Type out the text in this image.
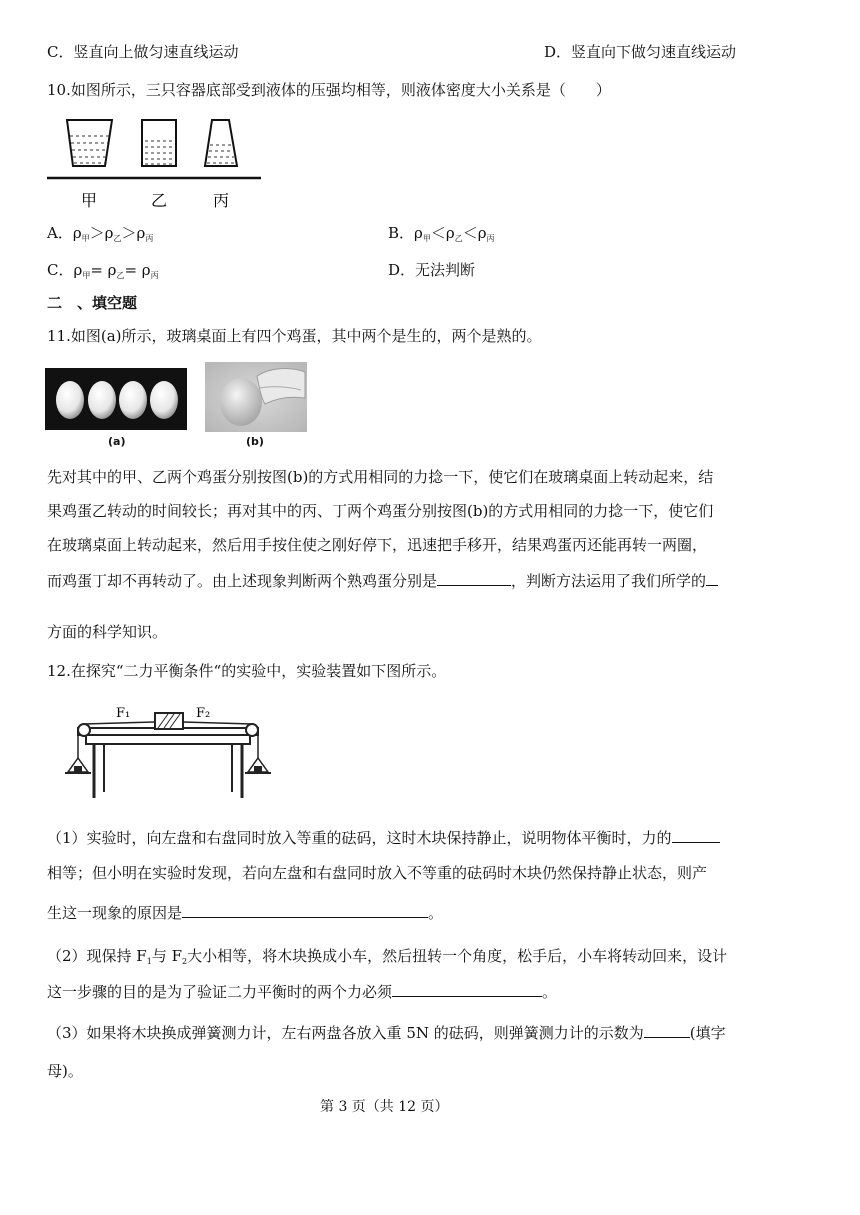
C．竖直向上做匀速直线运动	D．竖直向下做匀速直线运动
10.如图所示，三只容器底部受到液体的压强均相等，则液体密度大小关系是（　　）
甲	乙	丙
A．$\rho_甲>\rho_乙>\rho_丙$	B．$\rho_甲<\rho_乙<\rho_丙$
C．$\rho_甲= \rho_乙= \rho_丙$	D．无法判断
二　、填空题
11.如图(a)所示，玻璃桌面上有四个鸡蛋，其中两个是生的，两个是熟的。
(a)	(b)
先对其中的甲、乙两个鸡蛋分别按图(b)的方式用相同的力捻一下，使它们在玻璃桌面上转动起来，结
果鸡蛋乙转动的时间较长；再对其中的丙、丁两个鸡蛋分别按图(b)的方式用相同的力捻一下，使它们
在玻璃桌面上转动起来，然后用手按住使之刚好停下，迅速把手移开，结果鸡蛋丙还能再转一两圈，
而鸡蛋丁却不再转动了。由上述现象判断两个熟鸡蛋分别是	，判断方法运用了我们所学的
方面的科学知识。
12.在探究“二力平衡条件“的实验中，实验装置如下图所示。
F₁	F₂
（1）实验时，向左盘和右盘同时放入等重的砝码，这时木块保持静止，说明物体平衡时，力的
相等；但小明在实验时发现，若向左盘和右盘同时放入不等重的砝码时木块仍然保持静止状态，则产
生这一现象的原因是	。
（2）现保持 $F_1$与 $F_2$大小相等，将木块换成小车，然后扭转一个角度，松手后，小车将转动回来，设计
这一步骤的目的是为了验证二力平衡时的两个力必须	。
（3）如果将木块换成弹簧测力计，左右两盘各放入重 5N 的砝码，则弹簧测力计的示数为	(填字
母)。
第 3 页（共 12 页）
